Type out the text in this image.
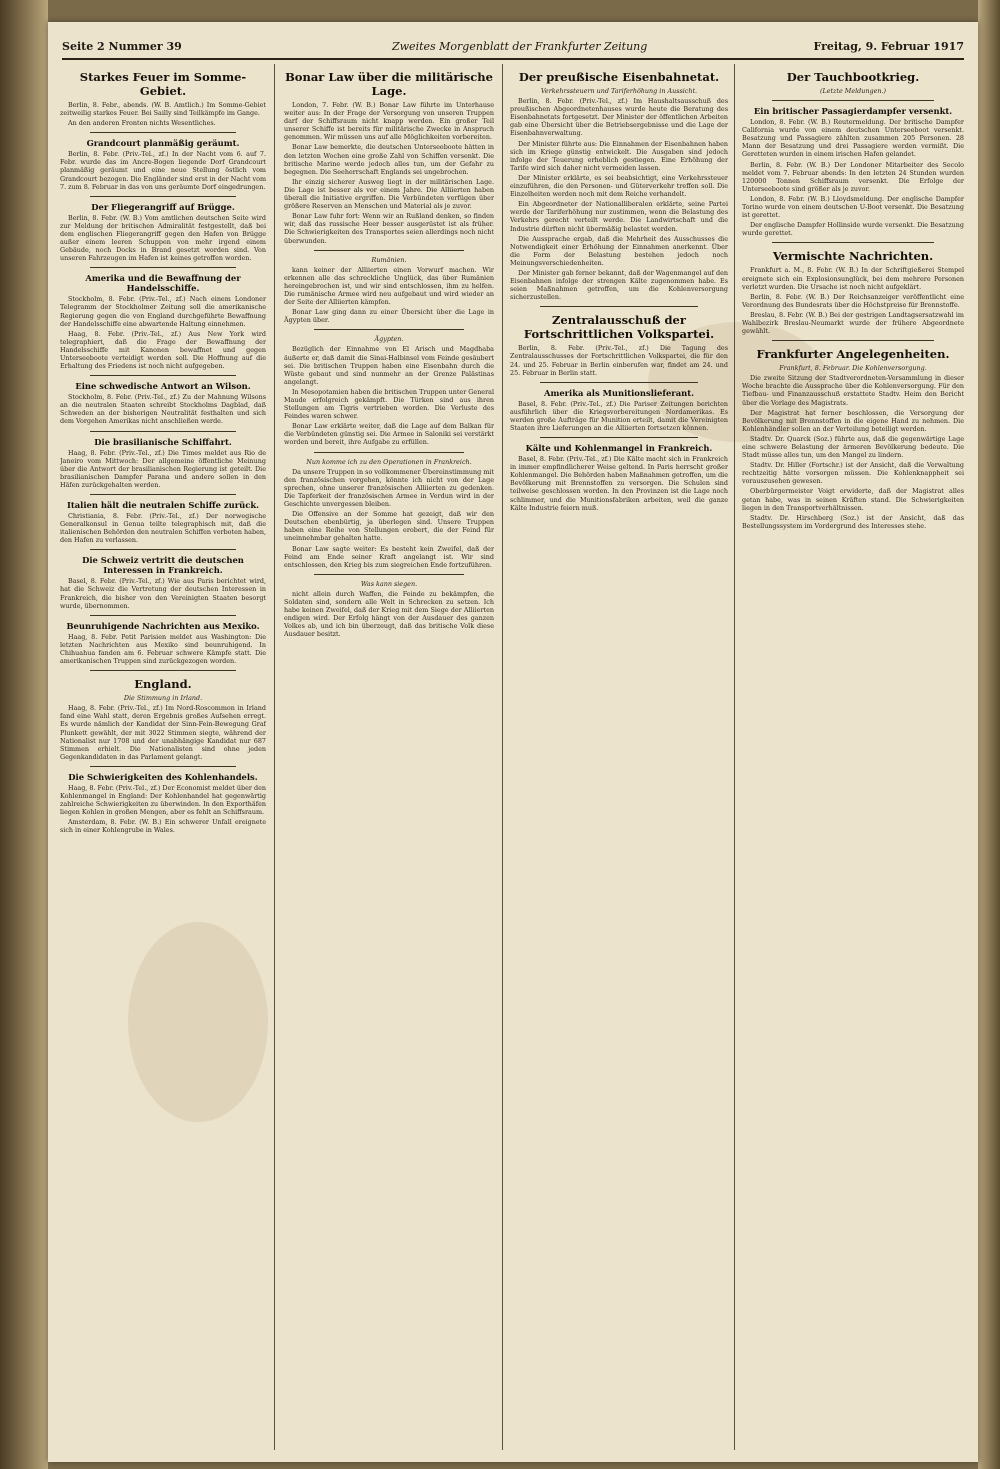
Seite 2 Nummer 39	Zweites Morgenblatt der Frankfurter Zeitung	Freitag, 9. Februar 1917
Starkes Feuer im Somme-Gebiet.

Berlin, 8. Febr., abends. (W. B. Amtlich.) Im Somme-Gebiet zeitweilig starkes Feuer. Bei Sailly sind Teilkämpfe im Gange.

An den anderen Fronten nichts Wesentliches.

Grandcourt planmäßig geräumt.

Berlin, 8. Febr. (Priv.-Tel., zf.) In der Nacht vom 6. auf 7. Febr. wurde das im Ancre-Bogen liegende Dorf Grandcourt planmäßig geräumt und eine neue Stellung östlich vom Grandcourt bezogen. Die Engländer sind erst in der Nacht vom 7. zum 8. Februar in das von uns geräumte Dorf eingedrungen.

Der Fliegerangriff auf Brügge.

Berlin, 8. Febr. (W. B.) Vom amtlichen deutschen Seite wird zur Meldung der britischen Admiralität festgestellt, daß bei dem englischen Fliegerangriff gegen den Hafen von Brügge außer einem leeren Schuppen von mehr irgend einem Gebäude, noch Docks in Brand gesetzt worden sind. Von unseren Fahrzeugen im Hafen ist keines getroffen worden.

Amerika und die Bewaffnung der Handelsschiffe.

Stockholm, 8. Febr. (Priv.-Tel., zf.) Nach einem Londoner Telegramm der Stockholmer Zeitung soll die amerikanische Regierung gegen die von England durchgeführte Bewaffnung der Handelsschiffe eine abwartende Haltung einnehmen.

Haag, 8. Febr. (Priv.-Tel., zf.) Aus New York wird telegraphiert, daß die Frage der Bewaffnung der Handelsschiffe mit Kanonen bewaffnet und gegen Unterseeboote verteidigt werden soll. Die Hoffnung auf die Erhaltung des Friedens ist noch nicht aufgegeben.

Eine schwedische Antwort an Wilson.

Stockholm, 8. Febr. (Priv.-Tel., zf.) Zu der Mahnung Wilsons an die neutralen Staaten schreibt Stockholms Dagblad, daß Schweden an der bisherigen Neutralität festhalten und sich dem Vorgehen Amerikas nicht anschließen werde.

Die brasilianische Schiffahrt.

Haag, 8. Febr. (Priv.-Tel., zf.) Die Times meldet aus Rio de Janeiro vom Mittwoch: Der allgemeine öffentliche Meinung über die Antwort der brasilianischen Regierung ist geteilt. Die brasilianischen Dampfer Parana und andere sollen in den Häfen zurückgehalten werden.

Italien hält die neutralen Schiffe zurück.

Christiania, 8. Febr. (Priv.-Tel., zf.) Der norwegische Generalkonsul in Genua teilte telegraphisch mit, daß die italienischen Behörden den neutralen Schiffen verboten haben, den Hafen zu verlassen.

Die Schweiz vertritt die deutschen Interessen in Frankreich.

Basel, 8. Febr. (Priv.-Tel., zf.) Wie aus Paris berichtet wird, hat die Schweiz die Vertretung der deutschen Interessen in Frankreich, die bisher von den Vereinigten Staaten besorgt wurde, übernommen.

Beunruhigende Nachrichten aus Mexiko.

Haag, 8. Febr. Petit Parisien meldet aus Washington: Die letzten Nachrichten aus Mexiko sind beunruhigend. In Chihuahua fanden am 6. Februar schwere Kämpfe statt. Die amerikanischen Truppen sind zurückgezogen worden.

England.
Die Stimmung in Irland.

Haag, 8. Febr. (Priv.-Tel., zf.) Im Nord-Roscommon in Irland fand eine Wahl statt, deren Ergebnis großes Aufsehen erregt. Es wurde nämlich der Kandidat der Sinn-Fein-Bewegung Graf Plunkett gewählt, der mit 3022 Stimmen siegte, während der Nationalist nur 1708 und der unabhängige Kandidat nur 687 Stimmen erhielt. Die Nationalisten sind ohne jeden Gegenkandidaten in das Parlament gelangt.

Die Schwierigkeiten des Kohlenhandels.

Haag, 8. Febr. (Priv.-Tel., zf.) Der Economist meldet über den Kohlenmangel in England: Der Kohlenhandel hat gegenwärtig zahlreiche Schwierigkeiten zu überwinden. In den Exporthäfen liegen Kohlen in großen Mengen, aber es fehlt an Schiffsraum.

Amsterdam, 8. Febr. (W. B.) Ein schwerer Unfall ereignete sich in einer Kohlengrube in Wales.

Bonar Law über die militärische Lage.

London, 7. Febr. (W. B.) Bonar Law führte im Unterhause weiter aus: In der Frage der Versorgung von unseren Truppen darf der Schiffsraum nicht knapp werden. Ein großer Teil unserer Schiffe ist bereits für militärische Zwecke in Anspruch genommen. Wir müssen uns auf alle Möglichkeiten vorbereiten.

Bonar Law bemerkte, die deutschen Unterseeboote hätten in den letzten Wochen eine große Zahl von Schiffen versenkt. Die britische Marine werde jedoch alles tun, um der Gefahr zu begegnen. Die Seeherrschaft Englands sei ungebrochen.

Ihr einzig sicherer Ausweg liegt in der militärischen Lage. Die Lage ist besser als vor einem Jahre. Die Alliierten haben überall die Initiative ergriffen. Die Verbündeten verfügen über größere Reserven an Menschen und Material als je zuvor.

Bonar Law fuhr fort: Wenn wir an Rußland denken, so finden wir, daß das russische Heer besser ausgerüstet ist als früher. Die Schwierigkeiten des Transportes seien allerdings noch nicht überwunden.

Rumänien.

kann keiner der Alliierten einen Vorwurf machen. Wir erkennen alle das schreckliche Unglück, das über Rumänien hereingebrochen ist, und wir sind entschlossen, ihm zu helfen. Die rumänische Armee wird neu aufgebaut und wird wieder an der Seite der Alliierten kämpfen.

Bonar Law ging dann zu einer Übersicht über die Lage in Ägypten über.

Ägypten.

Bezüglich der Einnahme von El Arisch und Magdhaba äußerte er, daß damit die Sinai-Halbinsel vom Feinde gesäubert sei. Die britischen Truppen haben eine Eisenbahn durch die Wüste gebaut und sind nunmehr an der Grenze Palästinas angelangt.

In Mesopotamien haben die britischen Truppen unter General Maude erfolgreich gekämpft. Die Türken sind aus ihren Stellungen am Tigris vertrieben worden. Die Verluste des Feindes waren schwer.

Bonar Law erklärte weiter, daß die Lage auf dem Balkan für die Verbündeten günstig sei. Die Armee in Saloniki sei verstärkt worden und bereit, ihre Aufgabe zu erfüllen.

Nun komme ich zu den Operationen in Frankreich.

Da unsere Truppen in so vollkommener Übereinstimmung mit den französischen vorgehen, könnte ich nicht von der Lage sprechen, ohne unserer französischen Alliierten zu gedenken. Die Tapferkeit der französischen Armee in Verdun wird in der Geschichte unvergessen bleiben.

Die Offensive an der Somme hat gezeigt, daß wir den Deutschen ebenbürtig, ja überlegen sind. Unsere Truppen haben eine Reihe von Stellungen erobert, die der Feind für uneinnehmbar gehalten hatte.

Bonar Law sagte weiter: Es besteht kein Zweifel, daß der Feind am Ende seiner Kraft angelangt ist. Wir sind entschlossen, den Krieg bis zum siegreichen Ende fortzuführen.

Was kann siegen.

nicht allein durch Waffen, die Feinde zu bekämpfen, die Soldaten sind, sondern alle Welt in Schrecken zu setzen. Ich habe keinen Zweifel, daß der Krieg mit dem Siege der Alliierten endigen wird. Der Erfolg hängt von der Ausdauer des ganzen Volkes ab, und ich bin überzeugt, daß das britische Volk diese Ausdauer besitzt.

Der preußische Eisenbahnetat.
Verkehrssteuern und Tariferhöhung in Aussicht.

Berlin, 8. Febr. (Priv.-Tel., zf.) Im Haushaltsausschuß des preußischen Abgeordnetenhauses wurde heute die Beratung des Eisenbahnetats fortgesetzt. Der Minister der öffentlichen Arbeiten gab eine Übersicht über die Betriebsergebnisse und die Lage der Eisenbahnverwaltung.

Der Minister führte aus: Die Einnahmen der Eisenbahnen haben sich im Kriege günstig entwickelt. Die Ausgaben sind jedoch infolge der Teuerung erheblich gestiegen. Eine Erhöhung der Tarife wird sich daher nicht vermeiden lassen.

Der Minister erklärte, es sei beabsichtigt, eine Verkehrssteuer einzuführen, die den Personen- und Güterverkehr treffen soll. Die Einzelheiten werden noch mit dem Reiche verhandelt.

Ein Abgeordneter der Nationalliberalen erklärte, seine Partei werde der Tariferhöhung nur zustimmen, wenn die Belastung des Verkehrs gerecht verteilt werde. Die Landwirtschaft und die Industrie dürften nicht übermäßig belastet werden.

Die Aussprache ergab, daß die Mehrheit des Ausschusses die Notwendigkeit einer Erhöhung der Einnahmen anerkennt. Über die Form der Belastung bestehen jedoch noch Meinungsverschiedenheiten.

Der Minister gab ferner bekannt, daß der Wagenmangel auf den Eisenbahnen infolge der strengen Kälte zugenommen habe. Es seien Maßnahmen getroffen, um die Kohlenversorgung sicherzustellen.

Zentralausschuß der Fortschrittlichen Volkspartei.

Berlin, 8. Febr. (Priv.-Tel., zf.) Die Tagung des Zentralausschusses der Fortschrittlichen Volkspartei, die für den 24. und 25. Februar in Berlin einberufen war, findet am 24. und 25. Februar in Berlin statt.

Amerika als Munitionslieferant.

Basel, 8. Febr. (Priv.-Tel., zf.) Die Pariser Zeitungen berichten ausführlich über die Kriegsvorbereitungen Nordamerikas. Es werden große Aufträge für Munition erteilt, damit die Vereinigten Staaten ihre Lieferungen an die Alliierten fortsetzen können.

Kälte und Kohlenmangel in Frankreich.

Basel, 8. Febr. (Priv.-Tel., zf.) Die Kälte macht sich in Frankreich in immer empfindlicherer Weise geltend. In Paris herrscht großer Kohlenmangel. Die Behörden haben Maßnahmen getroffen, um die Bevölkerung mit Brennstoffen zu versorgen. Die Schulen sind teilweise geschlossen worden. In den Provinzen ist die Lage noch schlimmer, und die Munitionsfabriken arbeiten, weil die ganze Kälte Industrie feiern muß.

Der Tauchbootkrieg.
(Letzte Meldungen.)
Ein britischer Passagierdampfer versenkt.

London, 8. Febr. (W. B.) Reutermeldung. Der britische Dampfer California wurde von einem deutschen Unterseeboot versenkt. Besatzung und Passagiere zählten zusammen 205 Personen. 28 Mann der Besatzung und drei Passagiere werden vermißt. Die Geretteten wurden in einem irischen Hafen gelandet.

Berlin, 8. Febr. (W. B.) Der Londoner Mitarbeiter des Secolo meldet vom 7. Februar abends: In den letzten 24 Stunden wurden 120000 Tonnen Schiffsraum versenkt. Die Erfolge der Unterseeboote sind größer als je zuvor.

London, 8. Febr. (W. B.) Lloydsmeldung. Der englische Dampfer Torino wurde von einem deutschen U-Boot versenkt. Die Besatzung ist gerettet.

Der englische Dampfer Hollinside wurde versenkt. Die Besatzung wurde gerettet.

Vermischte Nachrichten.

Frankfurt a. M., 8. Febr. (W. B.) In der Schriftgießerei Stempel ereignete sich ein Explosionsunglück, bei dem mehrere Personen verletzt wurden. Die Ursache ist noch nicht aufgeklärt.

Berlin, 8. Febr. (W. B.) Der Reichsanzeiger veröffentlicht eine Verordnung des Bundesrats über die Höchstpreise für Brennstoffe.

Breslau, 8. Febr. (W. B.) Bei der gestrigen Landtagsersatzwahl im Wahlbezirk Breslau-Neumarkt wurde der frühere Abgeordnete gewählt.

Frankfurter Angelegenheiten.
Frankfurt, 8. Februar. Die Kohlenversorgung.

Die zweite Sitzung der Stadtverordneten-Versammlung in dieser Woche brachte die Aussprache über die Kohlenversorgung. Für den Tiefbau- und Finanzausschuß erstattete Stadtv. Heim den Bericht über die Vorlage des Magistrats.

Der Magistrat hat ferner beschlossen, die Versorgung der Bevölkerung mit Brennstoffen in die eigene Hand zu nehmen. Die Kohlenhändler sollen an der Verteilung beteiligt werden.

Stadtv. Dr. Quarck (Soz.) führte aus, daß die gegenwärtige Lage eine schwere Belastung der ärmeren Bevölkerung bedeute. Die Stadt müsse alles tun, um den Mangel zu lindern.

Stadtv. Dr. Hiller (Fortschr.) ist der Ansicht, daß die Verwaltung rechtzeitig hätte vorsorgen müssen. Die Kohlenknappheit sei vorauszusehen gewesen.

Oberbürgermeister Voigt erwiderte, daß der Magistrat alles getan habe, was in seinen Kräften stand. Die Schwierigkeiten liegen in den Transportverhältnissen.

Stadtv. Dr. Hirschberg (Soz.) ist der Ansicht, daß das Bestellungssystem im Vordergrund des Interesses stehe.
